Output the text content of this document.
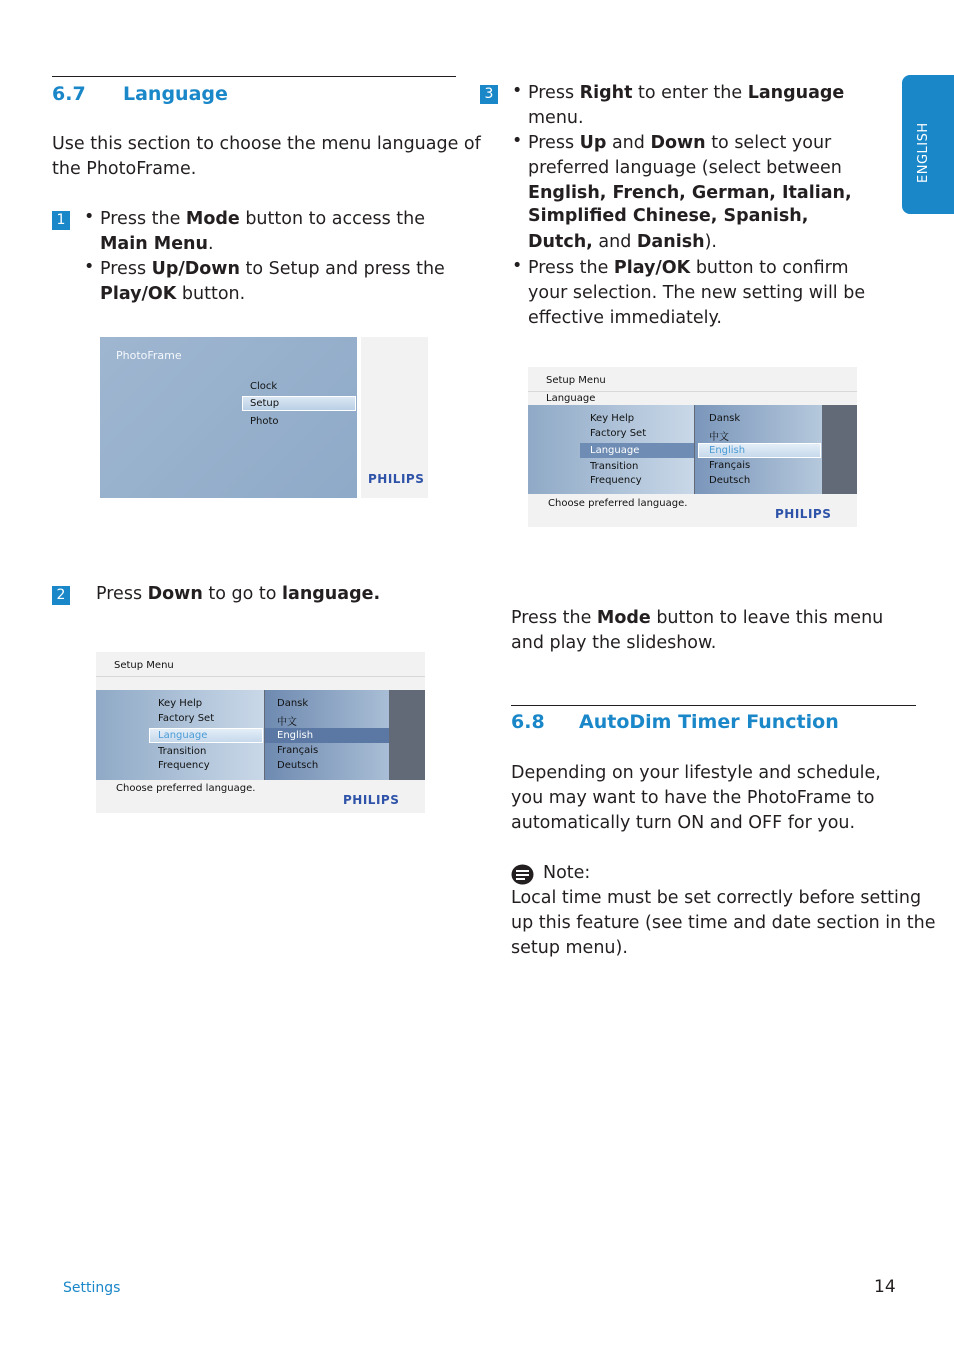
ENGLISH
6.7 Language
Use this section to choose the menu language of
the PhotoFrame.
1 • Press the Mode button to access the
Main Menu.
• Press Up/Down to Setup and press the
Play/OK button.
PhotoFrame
Clock
Setup
Photo
PHILIPS
2 Press Down to go to language.
Setup Menu
Key Help
Factory Set
Language
Transition
Frequency
Dansk
中文
English
Français
Deutsch
Choose preferred language.
PHILIPS
3 • Press Right to enter the Language
menu.
• Press Up and Down to select your
preferred language (select between
English, French, German, Italian,
Simplified Chinese, Spanish,
Dutch, and Danish).
• Press the Play/OK button to confirm
your selection. The new setting will be
effective immediately.
Setup Menu
Language
Key Help
Factory Set
Language
Transition
Frequency
Dansk
中文
English
Français
Deutsch
Choose preferred language.
PHILIPS
Press the Mode button to leave this menu
and play the slideshow.
6.8 AutoDim Timer Function
Depending on your lifestyle and schedule,
you may want to have the PhotoFrame to
automatically turn ON and OFF for you.
Note:
Local time must be set correctly before setting
up this feature (see time and date section in the
setup menu).
Settings	14
